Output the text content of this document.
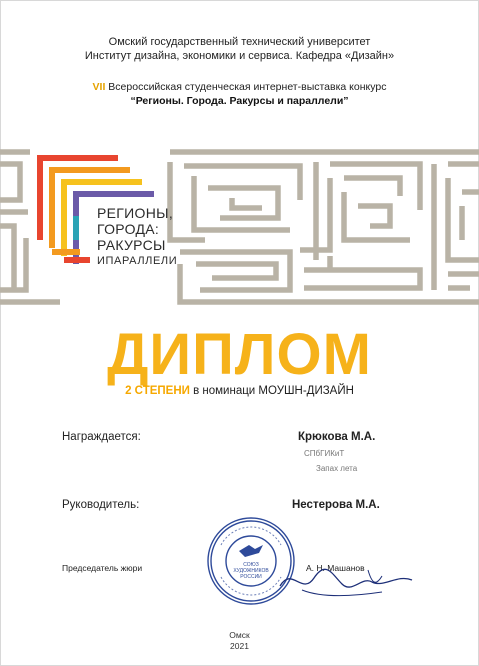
Омский государственный технический университет
Институт дизайна, экономики и сервиса. Кафедра «Дизайн»
VII Всероссийская студенческая интернет-выставка конкурс
“Регионы. Города. Ракурсы и параллели”
РЕГИОНЫ,
ГОРОДА:
РАКУРСЫ
ИПАРАЛЛЕЛИ
ДИПЛОМ
2 СТЕПЕНИ в номинаци МОУШН-ДИЗАЙН
Награждается:	Крюкова М.А.
СПбГИКиТ
Запах лета
Руководитель:	Нестерова М.А.
СОЮЗ
ХУДОЖНИКОВ
РОССИИ
Председатель жюри	А. Н. Машанов
Омск
2021
